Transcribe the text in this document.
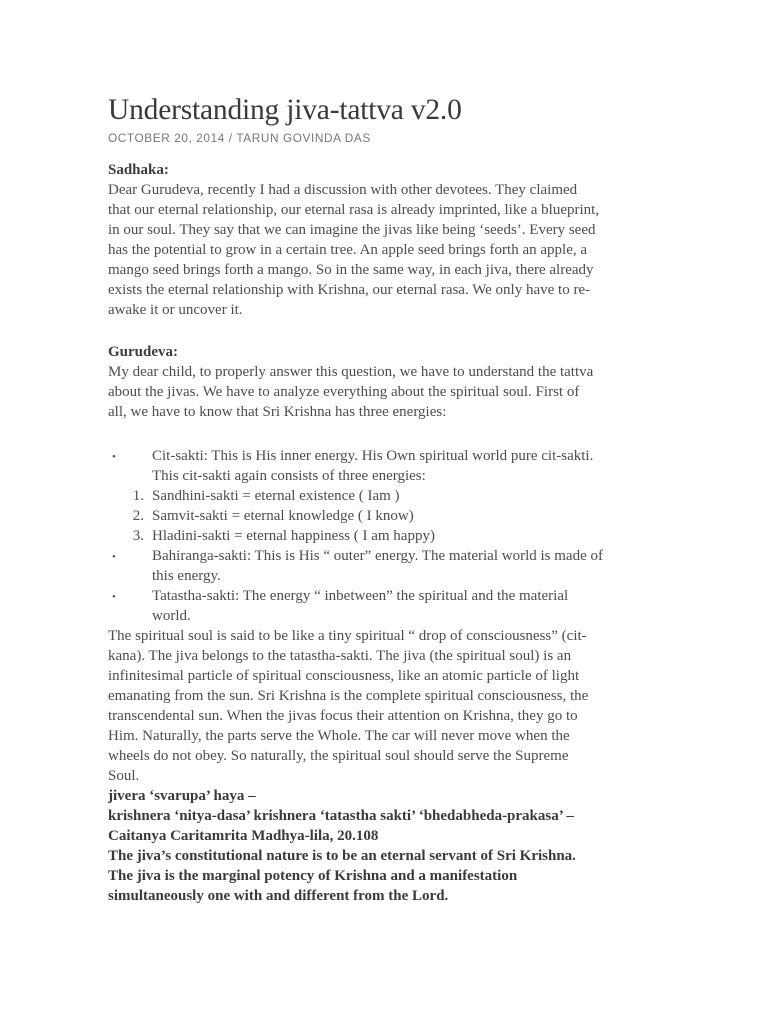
Understanding jiva-tattva v2.0
OCTOBER 20, 2014 / TARUN GOVINDA DAS
Sadhaka:

Dear Gurudeva, recently I had a discussion with other devotees. They claimed
that our eternal relationship, our eternal rasa is already imprinted, like a blueprint,
in our soul. They say that we can imagine the jivas like being ‘seeds’. Every seed
has the potential to grow in a certain tree. An apple seed brings forth an apple, a
mango seed brings forth a mango. So in the same way, in each jiva, there already
exists the eternal relationship with Krishna, our eternal rasa. We only have to re-
awake it or uncover it.

Gurudeva:

My dear child, to properly answer this question, we have to understand the tattva
about the jivas. We have to analyze everything about the spiritual soul. First of
all, we have to know that Sri Krishna has three energies:

• Cit-sakti: This is His inner energy. His Own spiritual world pure cit-sakti.
This cit-sakti again consists of three energies:
1. Sandhini-sakti = eternal existence ( Iam )
2. Samvit-sakti = eternal knowledge ( I know)
3. Hladini-sakti = eternal happiness ( I am happy)
• Bahiranga-sakti: This is His “ outer” energy. The material world is made of
this energy.
• Tatastha-sakti: The energy “ inbetween” the spiritual and the material
world.

The spiritual soul is said to be like a tiny spiritual “ drop of consciousness” (cit-
kana). The jiva belongs to the tatastha-sakti. The jiva (the spiritual soul) is an
infinitesimal particle of spiritual consciousness, like an atomic particle of light
emanating from the sun. Sri Krishna is the complete spiritual consciousness, the
transcendental sun. When the jivas focus their attention on Krishna, they go to
Him. Naturally, the parts serve the Whole. The car will never move when the
wheels do not obey. So naturally, the spiritual soul should serve the Supreme
Soul.

jivera ‘svarupa’ haya –
krishnera ‘nitya-dasa’ krishnera ‘tatastha sakti’ ‘bhedabheda-prakasa’ –
Caitanya Caritamrita Madhya-lila, 20.108
The jiva’s constitutional nature is to be an eternal servant of Sri Krishna.
The jiva is the marginal potency of Krishna and a manifestation
simultaneously one with and different from the Lord.
